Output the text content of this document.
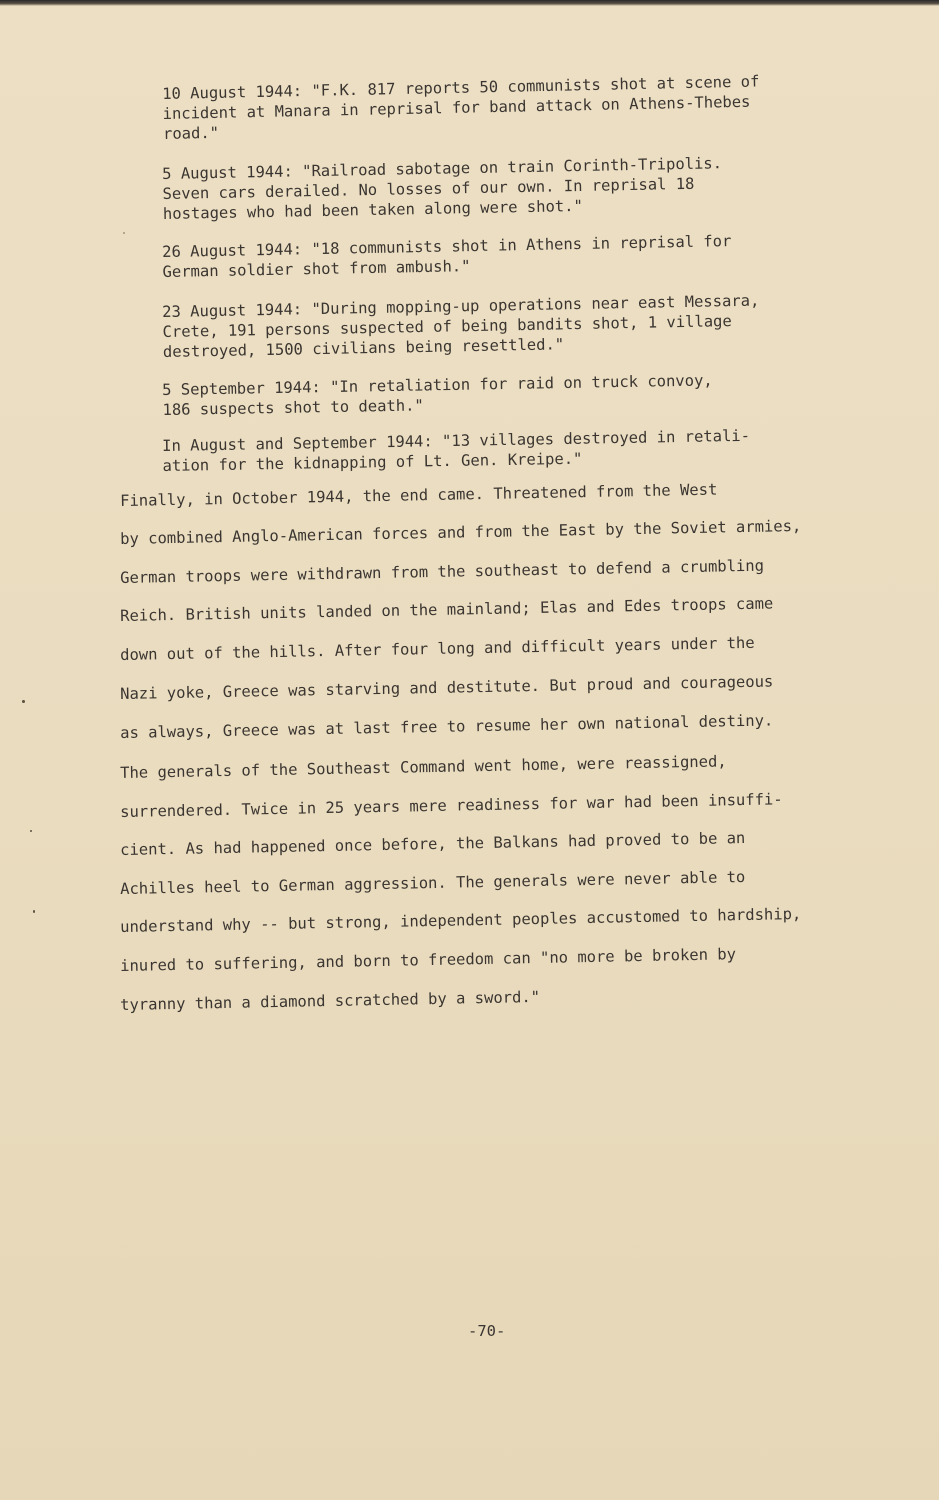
10 August 1944: "F.K. 817 reports 50 communists shot at scene of
incident at Manara in reprisal for band attack on Athens-Thebes
road."
5 August 1944: "Railroad sabotage on train Corinth-Tripolis.
Seven cars derailed. No losses of our own. In reprisal 18
hostages who had been taken along were shot."
26 August 1944: "18 communists shot in Athens in reprisal for
German soldier shot from ambush."
23 August 1944: "During mopping-up operations near east Messara,
Crete, 191 persons suspected of being bandits shot, 1 village
destroyed, 1500 civilians being resettled."
5 September 1944: "In retaliation for raid on truck convoy,
186 suspects shot to death."
In August and September 1944: "13 villages destroyed in retali-
ation for the kidnapping of Lt. Gen. Kreipe."
Finally, in October 1944, the end came. Threatened from the West
by combined Anglo-American forces and from the East by the Soviet armies,
German troops were withdrawn from the southeast to defend a crumbling
Reich. British units landed on the mainland; Elas and Edes troops came
down out of the hills. After four long and difficult years under the
Nazi yoke, Greece was starving and destitute. But proud and courageous
as always, Greece was at last free to resume her own national destiny.
The generals of the Southeast Command went home, were reassigned,
surrendered. Twice in 25 years mere readiness for war had been insuffi-
cient. As had happened once before, the Balkans had proved to be an
Achilles heel to German aggression. The generals were never able to
understand why -- but strong, independent peoples accustomed to hardship,
inured to suffering, and born to freedom can "no more be broken by
tyranny than a diamond scratched by a sword."
-70-
